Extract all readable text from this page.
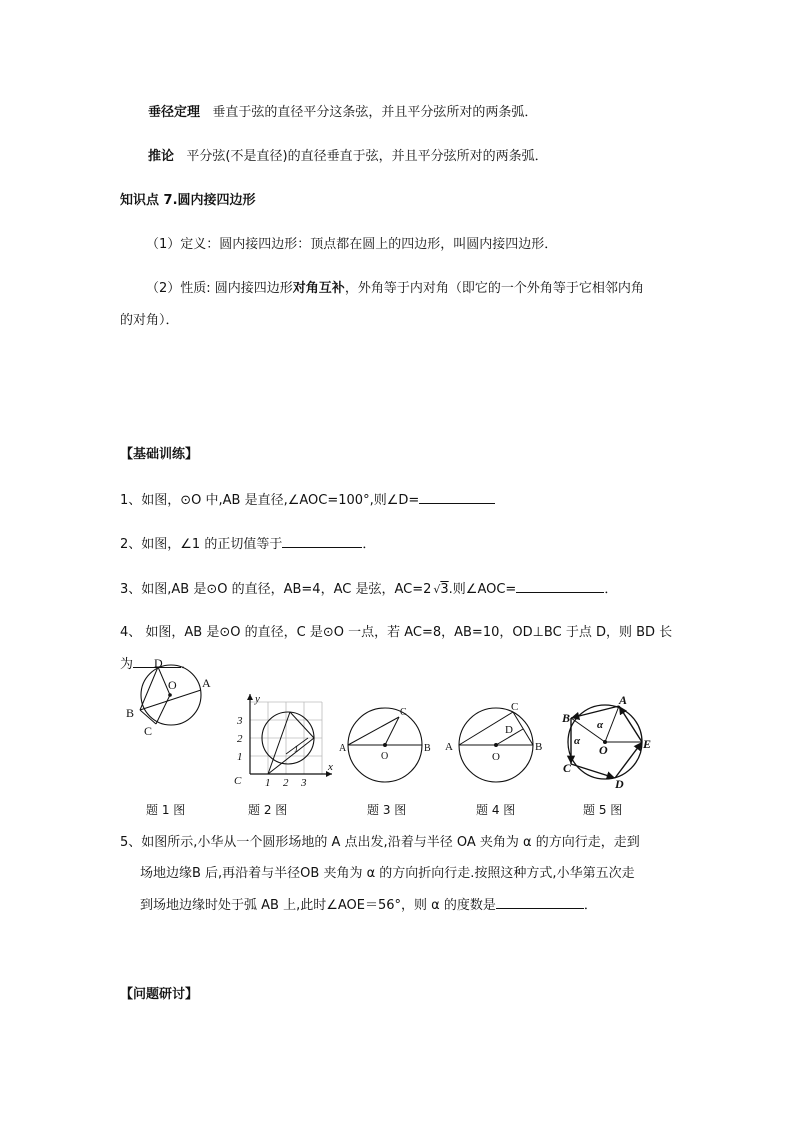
垂径定理 垂直于弦的直径平分这条弦，并且平分弦所对的两条弧．
推论 平分弦(不是直径)的直径垂直于弦，并且平分弦所对的两条弧．
知识点 7.圆内接四边形
（1）定义：圆内接四边形：顶点都在圆上的四边形，叫圆内接四边形．
（2）性质: 圆内接四边形对角互补，外角等于内对角（即它的一个外角等于它相邻内角
的对角）．
【基础训练】
1、如图，⊙O 中,AB 是直径,∠AOC=100°,则∠D=
2、如图，∠1 的正切值等于	．
3、如图,AB 是⊙O 的直径，AB=4，AC 是弦，AC=2 √3.则∠AOC=	．
4、 如图，AB 是⊙O 的直径，C 是⊙O 一点，若 AC=8，AB=10，OD⊥BC 于点 D，则 BD 长
为	．
D
O A
B
C
y
x
C
3
2
1
1 2 3
1	A	B
C
O
A	B
C
D
O
A
B
C
D
E
O
α
α
题 1 图	题 2 图	题 3 图	题 4 图	题 5 图
5、如图所示,小华从一个圆形场地的 A 点出发,沿着与半径 OA 夹角为 α 的方向行走，走到
场地边缘B 后,再沿着与半径OB 夹角为 α 的方向折向行走.按照这种方式,小华第五次走
到场地边缘时处于弧 AB 上,此时∠AOE＝56°，则 α 的度数是	．
【问题研讨】
